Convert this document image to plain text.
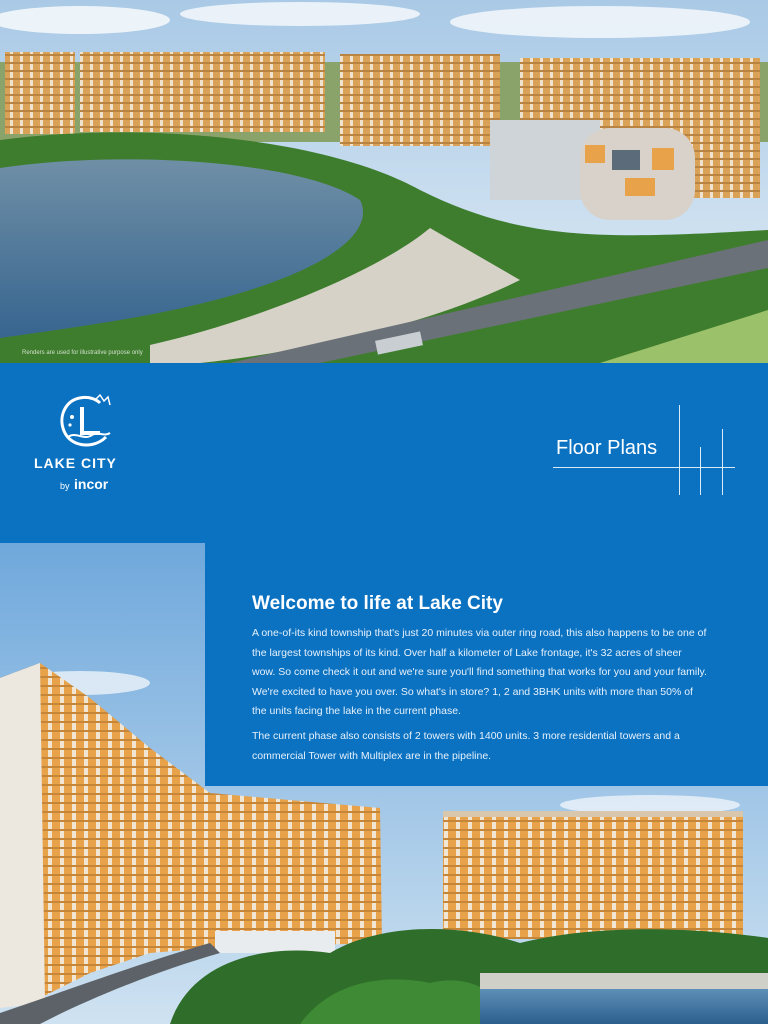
Renders are used for illustrative purpose only
LAKE CITY
by incor
Floor Plans
Welcome to life at Lake City

A one-of-its kind township that's just 20 minutes via outer ring road, this also happens to be one of the largest townships of its kind. Over half a kilometer of Lake frontage, it's 32 acres of sheer wow. So come check it out and we're sure you'll find something that works for you and your family. We're excited to have you over. So what's in store? 1, 2 and 3BHK units with more than 50% of the units facing the lake in the current phase.

The current phase also consists of 2 towers with 1400 units. 3 more residential towers and a commercial Tower with Multiplex are in the pipeline.
